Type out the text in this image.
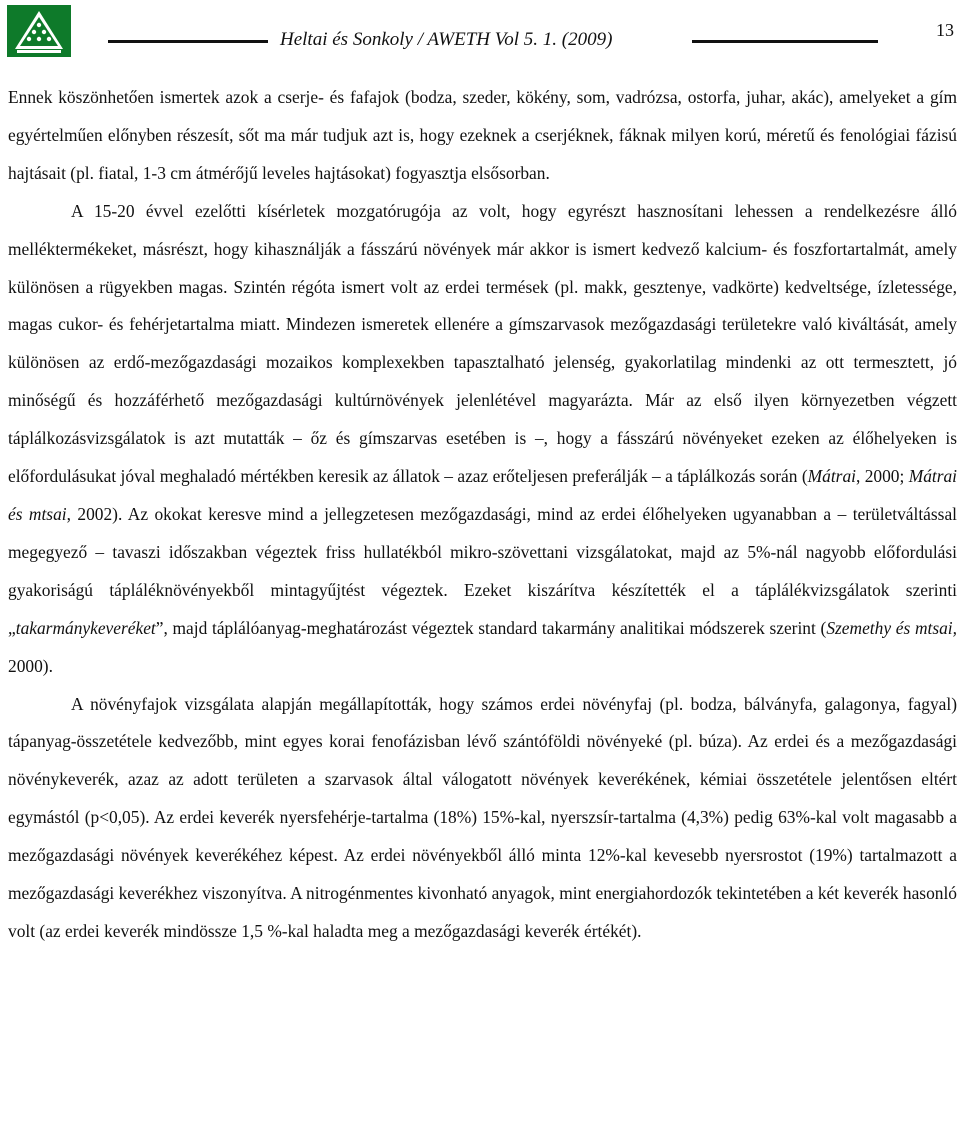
Heltai és Sonkoly / AWETH Vol 5. 1. (2009)	13

Ennek köszönhetően ismertek azok a cserje- és fafajok (bodza, szeder, kökény, som, vadrózsa, ostorfa, juhar, akác), amelyeket a gím egyértelműen előnyben részesít, sőt ma már tudjuk azt is, hogy ezeknek a cserjéknek, fáknak milyen korú, méretű és fenológiai fázisú hajtásait (pl. fiatal, 1-3 cm átmérőjű leveles hajtásokat) fogyasztja elsősorban.

A 15-20 évvel ezelőtti kísérletek mozgatórugója az volt, hogy egyrészt hasznosítani lehessen a rendelkezésre álló melléktermékeket, másrészt, hogy kihasználják a fásszárú növények már akkor is ismert kedvező kalcium- és foszfortartalmát, amely különösen a rügyekben magas. Szintén régóta ismert volt az erdei termések (pl. makk, gesztenye, vadkörte) kedveltsége, ízletessége, magas cukor- és fehérjetartalma miatt. Mindezen ismeretek ellenére a gímszarvasok mezőgazdasági területekre való kiváltását, amely különösen az erdő-mezőgazdasági mozaikos komplexekben tapasztalható jelenség, gyakorlatilag mindenki az ott termesztett, jó minőségű és hozzáférhető mezőgazdasági kultúrnövények jelenlétével magyarázta. Már az első ilyen környezetben végzett táplálkozásvizsgálatok is azt mutatták – őz és gímszarvas esetében is –, hogy a fásszárú növényeket ezeken az élőhelyeken is előfordulásukat jóval meghaladó mértékben keresik az állatok – azaz erőteljesen preferálják – a táplálkozás során (Mátrai, 2000; Mátrai és mtsai, 2002). Az okokat keresve mind a jellegzetesen mezőgazdasági, mind az erdei élőhelyeken ugyanabban a – területváltással megegyező – tavaszi időszakban végeztek friss hullatékból mikro-szövettani vizsgálatokat, majd az 5%-nál nagyobb előfordulási gyakoriságú tápláléknövényekből mintagyűjtést végeztek. Ezeket kiszárítva készítették el a táplálékvizsgálatok szerinti „takarmánykeveréket”, majd táplálóanyag-meghatározást végeztek standard takarmány analitikai módszerek szerint (Szemethy és mtsai, 2000).

A növényfajok vizsgálata alapján megállapították, hogy számos erdei növényfaj (pl. bodza, bálványfa, galagonya, fagyal) tápanyag-összetétele kedvezőbb, mint egyes korai fenofázisban lévő szántóföldi növényeké (pl. búza). Az erdei és a mezőgazdasági növénykeverék, azaz az adott területen a szarvasok által válogatott növények keverékének, kémiai összetétele jelentősen eltért egymástól (p<0,05). Az erdei keverék nyersfehérje-tartalma (18%) 15%-kal, nyerszsír-tartalma (4,3%) pedig 63%-kal volt magasabb a mezőgazdasági növények keverékéhez képest. Az erdei növényekből álló minta 12%-kal kevesebb nyersrostot (19%) tartalmazott a mezőgazdasági keverékhez viszonyítva. A nitrogénmentes kivonható anyagok, mint energiahordozók tekintetében a két keverék hasonló volt (az erdei keverék mindössze 1,5 %-kal haladta meg a mezőgazdasági keverék értékét).
